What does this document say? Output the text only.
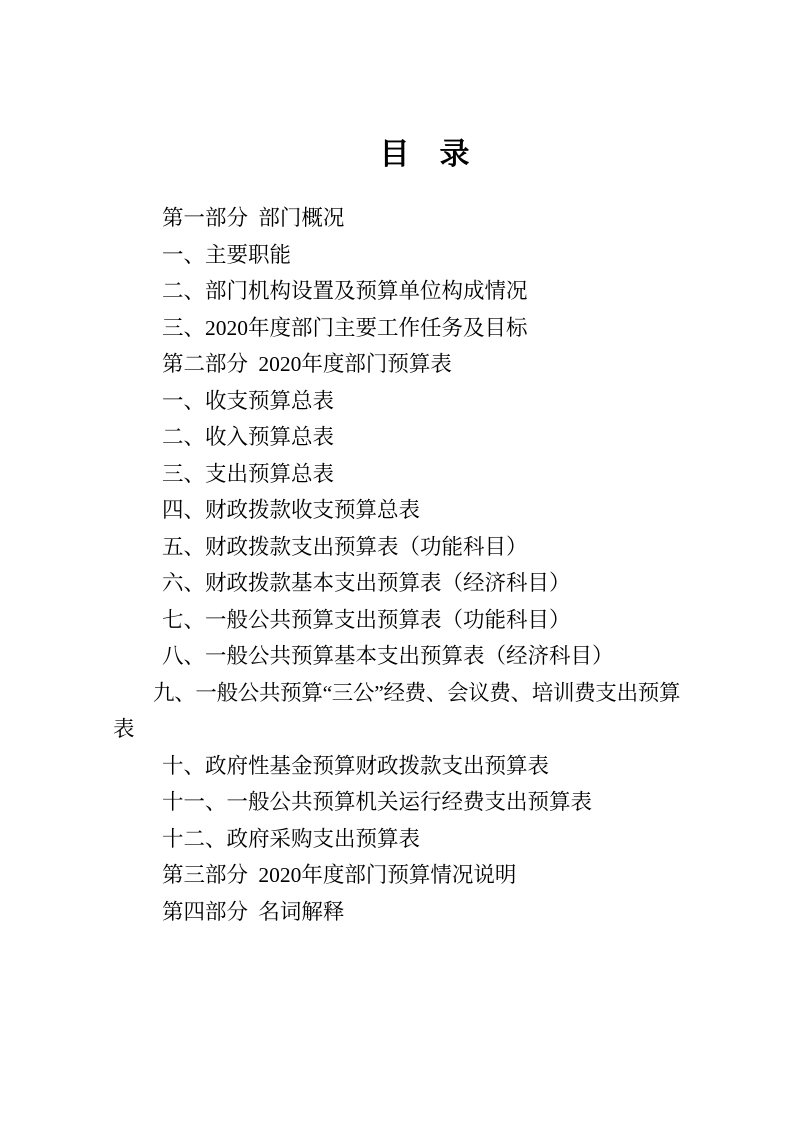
目　录

第一部分 部门概况

一、主要职能

二、部门机构设置及预算单位构成情况

三、2020年度部门主要工作任务及目标

第二部分 2020年度部门预算表

一、收支预算总表

二、收入预算总表

三、支出预算总表

四、财政拨款收支预算总表

五、财政拨款支出预算表（功能科目）

六、财政拨款基本支出预算表（经济科目）

七、一般公共预算支出预算表（功能科目）

八、一般公共预算基本支出预算表（经济科目）

九、一般公共预算“三公”经费、会议费、培训费支出预算

表

十、政府性基金预算财政拨款支出预算表

十一、一般公共预算机关运行经费支出预算表

十二、政府采购支出预算表

第三部分 2020年度部门预算情况说明

第四部分 名词解释
